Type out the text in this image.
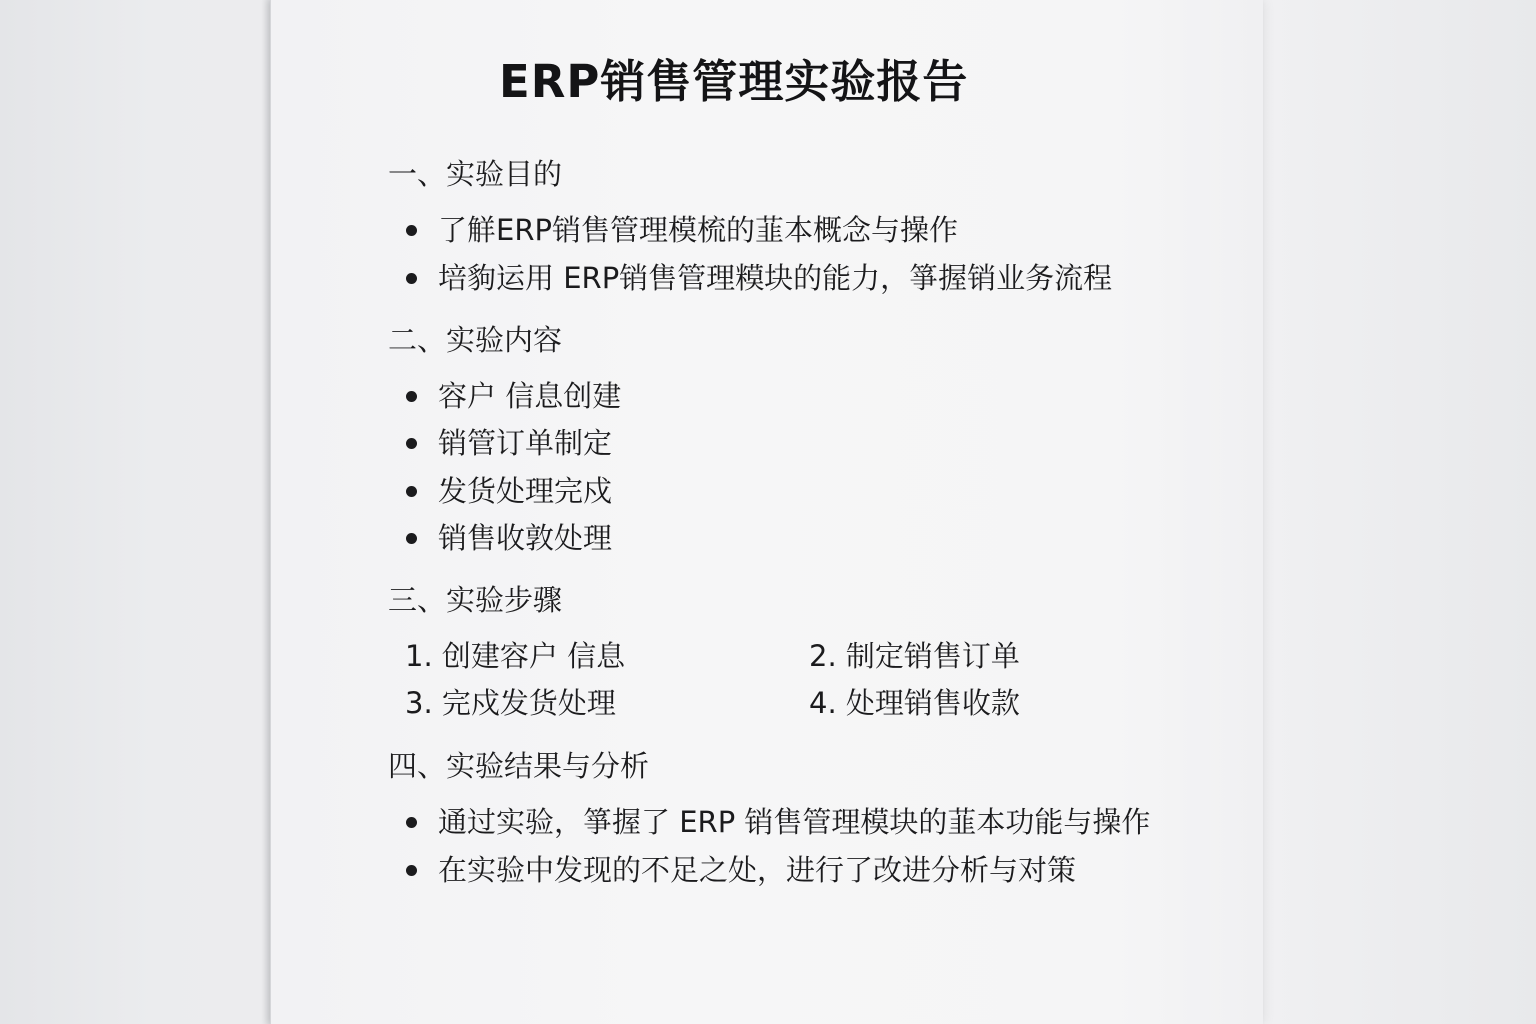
ERP销售管理实验报告
一、实验目的
了觧ERP销售管理模梳的韮本概念与操作
培豿运用 ERP销售管理糢块的能力，箏握销业务流程
二、实验内容
容户 信息创建
销管订单制定
发货处理完戍
销售收敦处理
三、实验步骤
1. 创建容户 信息	2. 制定销售订单
3. 完戍发货处理	4. 处理销售收款
四、实验结果与分析
通过实验，箏握了 ERP 销售管理模块的韮本功能与操作
在实验中发现的不足之处，进行了改进分析与对策
